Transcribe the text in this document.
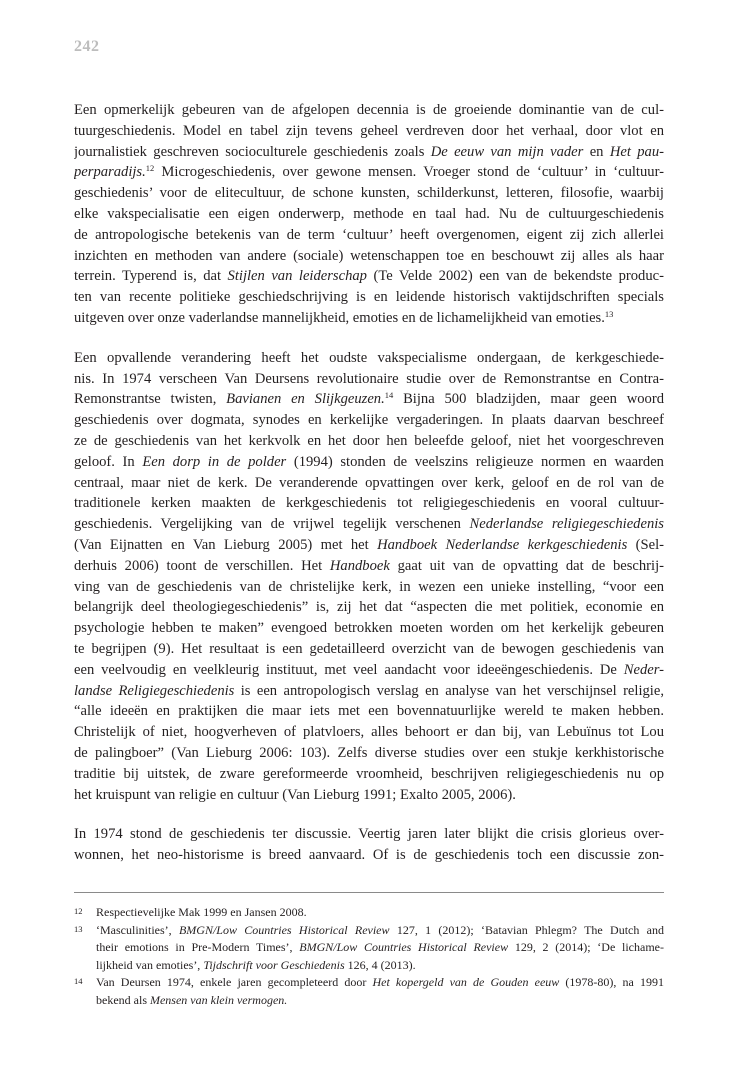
242
Een opmerkelijk gebeuren van de afgelopen decennia is de groeiende dominantie van de cul-
tuurgeschiedenis. Model en tabel zijn tevens geheel verdreven door het verhaal, door vlot en
journalistiek geschreven socioculturele geschiedenis zoals De eeuw van mijn vader en Het pau-
perparadijs.$^{12}$ Microgeschiedenis, over gewone mensen. Vroeger stond de ‘cultuur’ in ‘cultuur-
geschiedenis’ voor de elitecultuur, de schone kunsten, schilderkunst, letteren, filosofie, waarbij
elke vakspecialisatie een eigen onderwerp, methode en taal had. Nu de cultuurgeschiedenis
de antropologische betekenis van de term ‘cultuur’ heeft overgenomen, eigent zij zich allerlei
inzichten en methoden van andere (sociale) wetenschappen toe en beschouwt zij alles als haar
terrein. Typerend is, dat Stijlen van leiderschap (Te Velde 2002) een van de bekendste produc-
ten van recente politieke geschiedschrijving is en leidende historisch vaktijdschriften specials
uitgeven over onze vaderlandse mannelijkheid, emoties en de lichamelijkheid van emoties.$^{13}$
Een opvallende verandering heeft het oudste vakspecialisme ondergaan, de kerkgeschiede-
nis. In 1974 verscheen Van Deursens revolutionaire studie over de Remonstrantse en Contra-
Remonstrantse twisten, Bavianen en Slijkgeuzen.$^{14}$ Bijna 500 bladzijden, maar geen woord
geschiedenis over dogmata, synodes en kerkelijke vergaderingen. In plaats daarvan beschreef
ze de geschiedenis van het kerkvolk en het door hen beleefde geloof, niet het voorgeschreven
geloof. In Een dorp in de polder (1994) stonden de veelszins religieuze normen en waarden
centraal, maar niet de kerk. De veranderende opvattingen over kerk, geloof en de rol van de
traditionele kerken maakten de kerkgeschiedenis tot religiegeschiedenis en vooral cultuur-
geschiedenis. Vergelijking van de vrijwel tegelijk verschenen Nederlandse religiegeschiedenis
(Van Eijnatten en Van Lieburg 2005) met het Handboek Nederlandse kerkgeschiedenis (Sel-
derhuis 2006) toont de verschillen. Het Handboek gaat uit van de opvatting dat de beschrij-
ving van de geschiedenis van de christelijke kerk, in wezen een unieke instelling, “voor een
belangrijk deel theologiegeschiedenis” is, zij het dat “aspecten die met politiek, economie en
psychologie hebben te maken” evengoed betrokken moeten worden om het kerkelijk gebeuren
te begrijpen (9). Het resultaat is een gedetailleerd overzicht van de bewogen geschiedenis van
een veelvoudig en veelkleurig instituut, met veel aandacht voor ideeëngeschiedenis. De Neder-
landse Religiegeschiedenis is een antropologisch verslag en analyse van het verschijnsel religie,
“alle ideeën en praktijken die maar iets met een bovennatuurlijke wereld te maken hebben.
Christelijk of niet, hoogverheven of platvloers, alles behoort er dan bij, van Lebuïnus tot Lou
de palingboer” (Van Lieburg 2006: 103). Zelfs diverse studies over een stukje kerkhistorische
traditie bij uitstek, de zware gereformeerde vroomheid, beschrijven religiegeschiedenis nu op
het kruispunt van religie en cultuur (Van Lieburg 1991; Exalto 2005, 2006).
In 1974 stond de geschiedenis ter discussie. Veertig jaren later blijkt die crisis glorieus over-
wonnen, het neo-historisme is breed aanvaard. Of is de geschiedenis toch een discussie zon-
12 Respectievelijke Mak 1999 en Jansen 2008.
13 ‘Masculinities’, BMGN/Low Countries Historical Review 127, 1 (2012); ‘Batavian Phlegm? The Dutch and
their emotions in Pre-Modern Times’, BMGN/Low Countries Historical Review 129, 2 (2014); ‘De lichame-
lijkheid van emoties’, Tijdschrift voor Geschiedenis 126, 4 (2013).
14 Van Deursen 1974, enkele jaren gecompleteerd door Het kopergeld van de Gouden eeuw (1978-80), na 1991
bekend als Mensen van klein vermogen.
